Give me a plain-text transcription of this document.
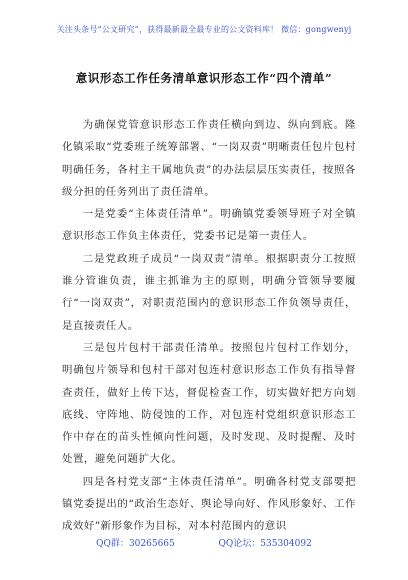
关注头条号“公文研究”，获得最新最全最专业的公文资料库！ 微信：gongwenyj
意识形态工作任务清单意识形态工作“四个清单”

为确保党管意识形态工作责任横向到边、纵向到底。隆化镇采取“党委班子统筹部署、“一岗双责”明晰责任包片包村明确任务，各村主干属地负责”的办法层层压实责任，按照各级分担的任务列出了责任清单。

一是党委“主体责任清单”。明确镇党委领导班子对全镇意识形态工作负主体责任，党委书记是第一责任人。

二是党政班子成员“一岗双责”清单。根据职责分工按照谁分管谁负责，谁主抓谁为主的原则，明确分管领导要履行“一岗双责”，对职责范围内的意识形态工作负领导责任，是直接责任人。

三是包片包村干部责任清单。按照包片包村工作划分，明确包片领导和包村干部对包连村意识形态工作负有指导督查责任，做好上传下达，督促检查工作，切实做好把方向划底线、守阵地、防侵蚀的工作，对包连村党组织意识形态工作中存在的苗头性倾向性问题，及时发现、及时提醒、及时处置，避免问题扩大化。

四是各村党支部“主体责任清单”。明确各村党支部要把镇党委提出的“政治生态好、舆论导向好、作风形象好、工作成效好”新形象作为目标，对本村范围内的意识

QQ群：30265665	QQ论坛：535304092
